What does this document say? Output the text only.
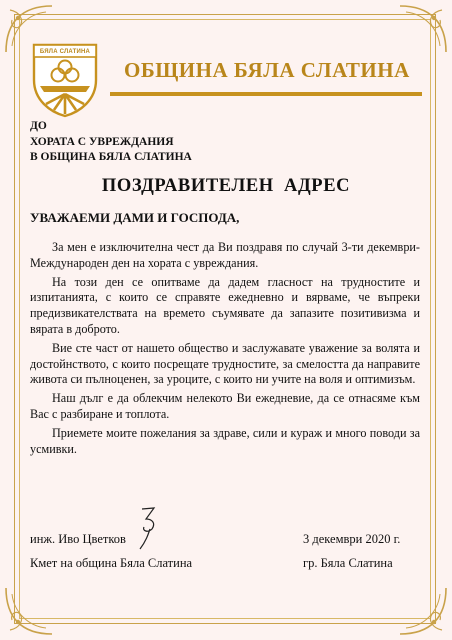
БЯЛА СЛАТИНА
ОБЩИНА БЯЛА СЛАТИНА
ДО
ХОРАТА С УВРЕЖДАНИЯ
В ОБЩИНА БЯЛА СЛАТИНА
ПОЗДРАВИТЕЛЕН АДРЕС
УВАЖАЕМИ ДАМИ И ГОСПОДА,

За мен е изключителна чест да Ви поздравя по случай 3-ти декември- Международен ден на хората с увреждания.

На този ден се опитваме да дадем гласност на трудностите и изпитанията, с които се справяте ежедневно и вярваме, че въпреки предизвикателствата на времето съумявате да запазите позитивизма и вярата в доброто.

Вие сте част от нашето общество и заслужавате уважение за волята и достойнството, с които посрещате трудностите, за смелостта да направите живота си пълноценен, за уроците, с които ни учите на воля и оптимизъм.

Наш дълг е да облекчим нелекото Ви ежедневие, да се отнасяме към Вас с разбиране и топлота.

Приемете моите пожелания за здраве, сили и кураж и много поводи за усмивки.

инж. Иво Цветков
Кмет на община Бяла Слатина
3 декември 2020 г.
гр. Бяла Слатина
